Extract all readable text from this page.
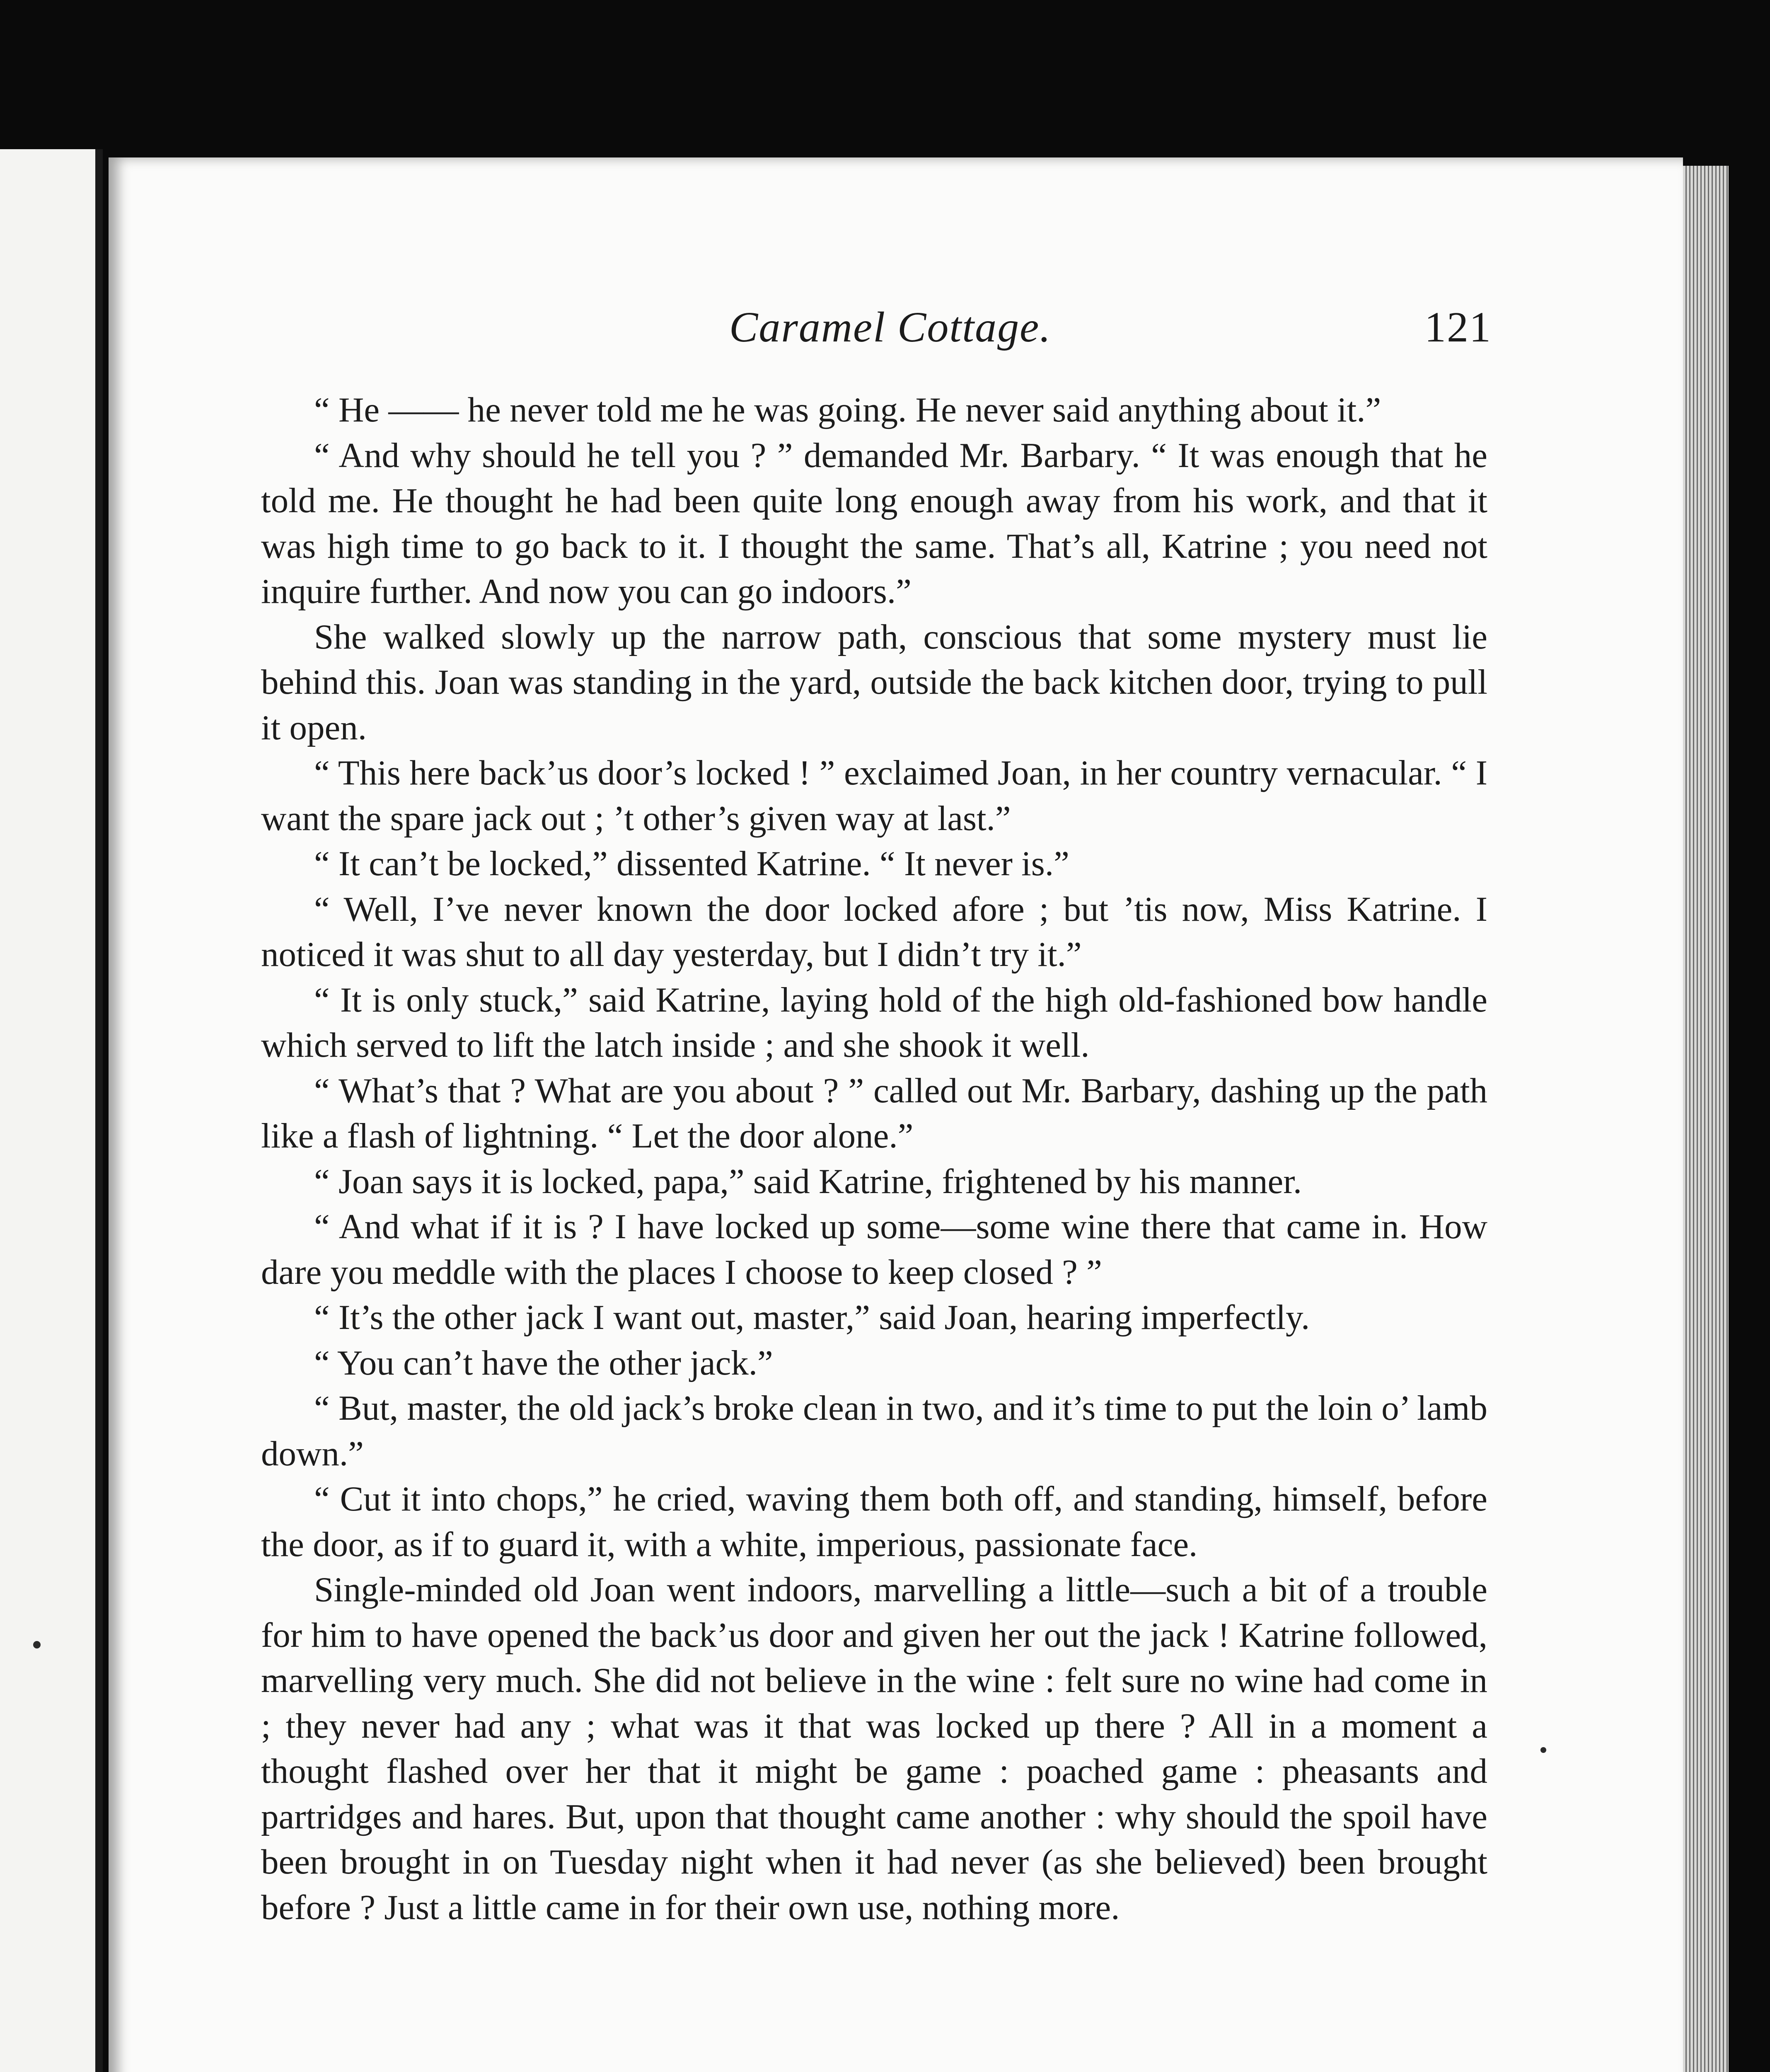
Caramel Cottage.	121

“ He —— he never told me he was going. He never said anything about it.”

“ And why should he tell you ? ” demanded Mr. Barbary. “ It was enough that he told me. He thought he had been quite long enough away from his work, and that it was high time to go back to it. I thought the same. That’s all, Katrine ; you need not inquire further. And now you can go indoors.”

She walked slowly up the narrow path, conscious that some mystery must lie behind this. Joan was standing in the yard, outside the back kitchen door, trying to pull it open.

“ This here back’us door’s locked ! ” exclaimed Joan, in her country vernacular. “ I want the spare jack out ; ’t other’s given way at last.”

“ It can’t be locked,” dissented Katrine. “ It never is.”

“ Well, I’ve never known the door locked afore ; but ’tis now, Miss Katrine. I noticed it was shut to all day yesterday, but I didn’t try it.”

“ It is only stuck,” said Katrine, laying hold of the high old-fashioned bow handle which served to lift the latch inside ; and she shook it well.

“ What’s that ? What are you about ? ” called out Mr. Barbary, dashing up the path like a flash of lightning. “ Let the door alone.”

“ Joan says it is locked, papa,” said Katrine, frightened by his manner.

“ And what if it is ? I have locked up some—some wine there that came in. How dare you meddle with the places I choose to keep closed ? ”

“ It’s the other jack I want out, master,” said Joan, hearing imperfectly.

“ You can’t have the other jack.”

“ But, master, the old jack’s broke clean in two, and it’s time to put the loin o’ lamb down.”

“ Cut it into chops,” he cried, waving them both off, and standing, himself, before the door, as if to guard it, with a white, imperious, passionate face.

Single-minded old Joan went indoors, marvelling a little—such a bit of a trouble for him to have opened the back’us door and given her out the jack ! Katrine followed, marvelling very much. She did not believe in the wine : felt sure no wine had come in ; they never had any ; what was it that was locked up there ? All in a moment a thought flashed over her that it might be game : poached game : pheasants and partridges and hares. But, upon that thought came another : why should the spoil have been brought in on Tuesday night when it had never (as she believed) been brought before ? Just a little came in for their own use, nothing more.
